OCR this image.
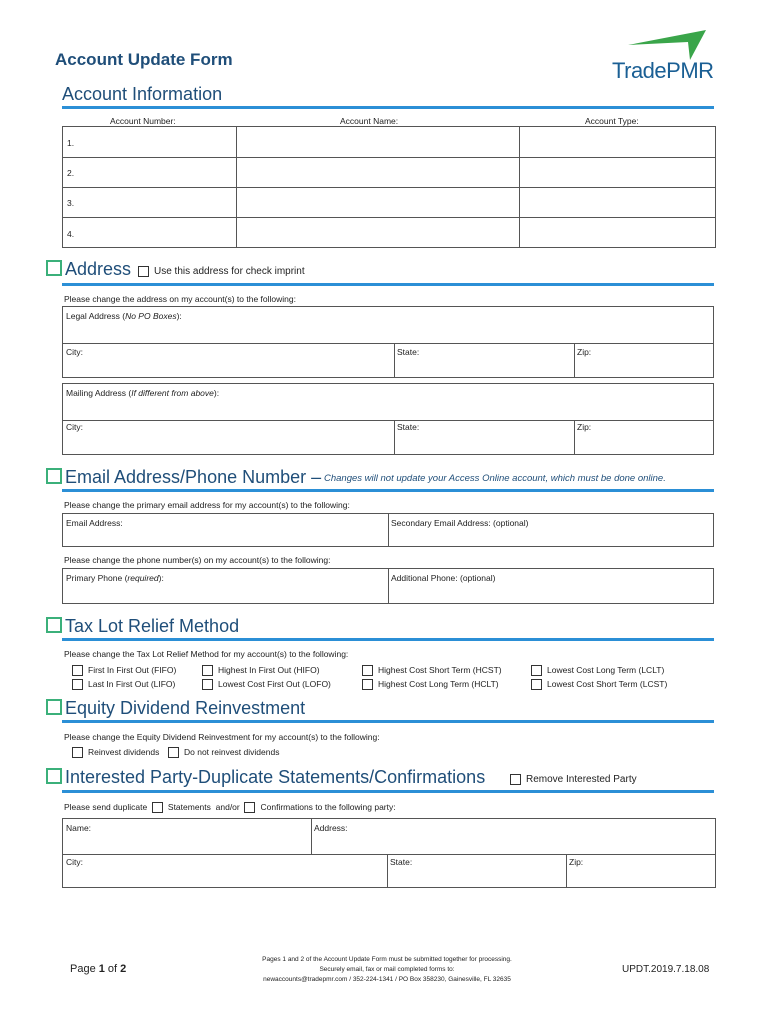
Account Update Form	TradePMR
Account Information
Account Number:	Account Name:	Account Type:
1.
2.
3.
4.
Address	Use this address for check imprint
Please change the address on my account(s) to the following:
Legal Address (No PO Boxes):
City:	State:	Zip:
Mailing Address (If different from above):
City:	State:	Zip:
Email Address/Phone Number – Changes will not update your Access Online account, which must be done online.
Please change the primary email address for my account(s) to the following:
Email Address:	Secondary Email Address: (optional)
Please change the phone number(s) on my account(s) to the following:
Primary Phone (required):	Additional Phone: (optional)
Tax Lot Relief Method
Please change the Tax Lot Relief Method for my account(s) to the following:
First In First Out (FIFO)
Last In First Out (LIFO)
Highest In First Out (HIFO)
Lowest Cost First Out (LOFO)
Highest Cost Short Term (HCST)
Highest Cost Long Term (HCLT)
Lowest Cost Long Term (LCLT)
Lowest Cost Short Term (LCST)
Equity Dividend Reinvestment
Please change the Equity Dividend Reinvestment for my account(s) to the following:
Reinvest dividends	Do not reinvest dividends
Interested Party-Duplicate Statements/Confirmations	Remove Interested Party
Please send duplicate Statements and/or Confirmations to the following party:
Name:	Address:
City:	State:	Zip:
Page 1 of 2
Pages 1 and 2 of the Account Update Form must be submitted together for processing.
Securely email, fax or mail completed forms to:
newaccounts@tradepmr.com / 352-224-1341 / PO Box 358230, Gainesville, FL 32635
UPDT.2019.7.18.08
